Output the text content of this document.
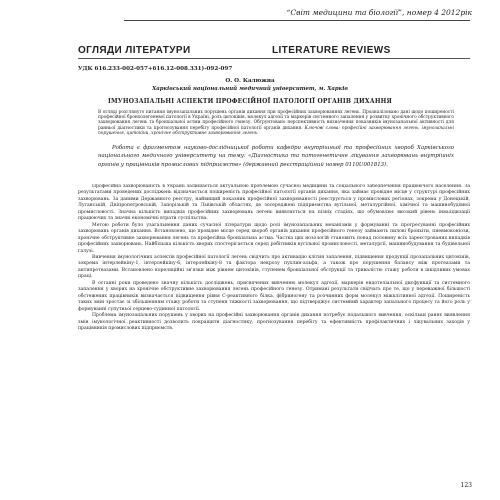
“Світ медицини та біології”, номер 4 2012рік
ОГЛЯДИ ЛІТЕРАТУРИ	LITERATURE REVIEWS
УДК 616.233-002-057+616.12-008.331)-092-097
О. О. Калюжна
Харківський національний медичний університет, м. Харків
ІМУНОЗАПАЛЬНІ АСПЕКТИ ПРОФЕСІЙНОЇ ПАТОЛОГІЇ ОРГАНІВ ДИХАННЯ
В огляді розглянуто питання імунозапальних порушень органів дихання при професійних захворюваннях легень. Проаналізовано дані щодо поширеності професійної бронхолегеневої патології в Україні, роль цитокінів, молекул адгезії та маркерів системного запалення у розвитку хронічного обструктивного захворювання легень та бронхіальної астми професійного ґенезу. Обґрунтовано перспективність визначення показників імунозапальної активності для ранньої діагностики та прогнозування перебігу професійної патології органів дихання. Ключові слова: професійні захворювання легень, імунозапальні порушення, цитокіни, хронічне обструктивне захворювання легень.
Робота є фрагментом науково-дослідницької роботи кафедри внутрішньої та професійних хвороб Харківського національного медичного університету на тему: «Діагностика та патогенетичне лікування захворювань внутрішніх органів у працівників промислових підприємств» (державний реєстраційний номер 0110U001813).

Професійна захворюваність в Україні залишається актуальною проблемою сучасної медицини та соціального забезпечення працюючого населення. За результатами проведених досліджень відзначається поширеність професійної патології органів дихання, яка займає провідне місце у структурі професійних захворювань. За даними Державного реєстру, найвищий показник професійної захворюваності реєструється у промислових регіонах, зокрема у Донецькій, Луганській, Дніпропетровській, Запорізькій та Львівській областях, де зосереджені підприємства вугільної, металургійної, хімічної та машинобудівної промисловості. Значна кількість випадків професійних захворювань легень виявляється на пізніх стадіях, що обумовлює високий рівень інвалідизації працюючих та значні економічні втрати суспільства.

Метою роботи було узагальнення даних сучасної літератури щодо ролі імунозапальних механізмів у формуванні та прогресуванні професійних захворювань органів дихання. Встановлено, що провідне місце серед хвороб органів дихання професійного ґенезу займають пилові бронхіти, пневмоконіози, хронічне обструктивне захворювання легень та професійна бронхіальна астма. Частка цих нозологій становить понад половину всіх зареєстрованих випадків професійних захворювань. Найбільша кількість хворих спостерігається серед робітників вугільної промисловості, металургії, машинобудування та будівельної галузі.

Вивчення імунологічних аспектів професійної патології легень свідчить про активацію клітин запалення, підвищення продукції прозапальних цитокінів, зокрема інтерлейкіну-1, інтерлейкіну-6, інтерлейкіну-8 та фактора некрозу пухлин-альфа, а також про порушення балансу між протеазами та антипротеазами. Встановлено кореляційні зв'язки між рівнем цитокінів, ступенем бронхіальної обструкції та тривалістю стажу роботи в шкідливих умовах праці.

В останні роки проведено значну кількість досліджень, присвячених вивченню молекул адгезії, маркерів ендотеліальної дисфункції та системного запалення у хворих на хронічне обструктивне захворювання легень професійного ґенезу. Отримані результати свідчать про те, що у переважної більшості обстежених працівників визначається підвищення рівня С-реактивного білка, фібриногену та розчинних форм молекул міжклітинної адгезії. Поширеність таких змін зростає зі збільшенням стажу роботи та ступеня тяжкості захворювання, що підтверджує системний характер запального процесу та його роль у формуванні супутньої серцево-судинної патології.

Проблема імунозапальних порушень у хворих на професійні захворювання органів дихання потребує подальшого вивчення, оскільки раннє виявлення змін імунологічної реактивності дозволить покращити діагностику, прогнозування перебігу та ефективність профілактичних і лікувальних заходів у працівників промислових підприємств.

123
